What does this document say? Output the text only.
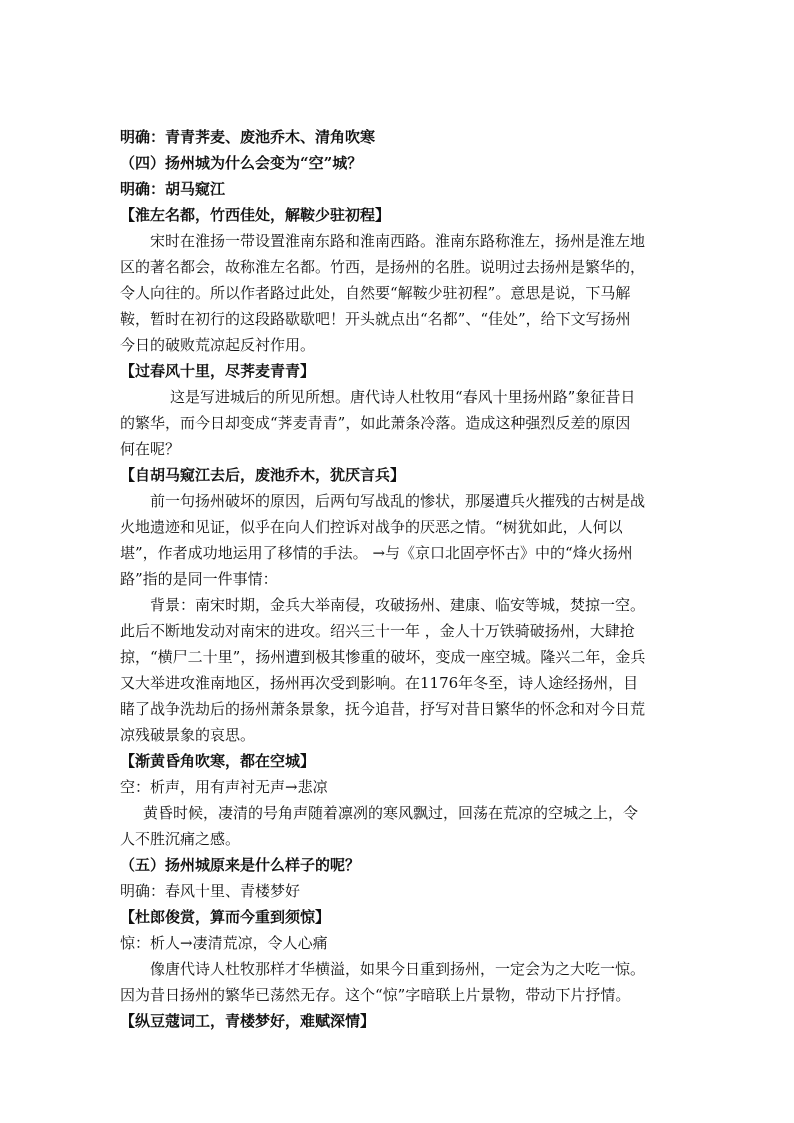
明确：青青荠麦、废池乔木、清角吹寒
（四）扬州城为什么会变为“空”城？
明确：胡马窥江
【淮左名都，竹西佳处，解鞍少驻初程】
宋时在淮扬一带设置淮南东路和淮南西路。淮南东路称淮左，扬州是淮左地
区的著名都会，故称淮左名都。竹西，是扬州的名胜。说明过去扬州是繁华的，
令人向往的。所以作者路过此处，自然要“解鞍少驻初程”。意思是说，下马解
鞍，暂时在初行的这段路歇歇吧！开头就点出“名都”、“佳处”，给下文写扬州
今日的破败荒凉起反衬作用。
【过春风十里，尽荠麦青青】
这是写进城后的所见所想。唐代诗人杜牧用“春风十里扬州路”象征昔日
的繁华，而今日却变成“荠麦青青”，如此萧条冷落。造成这种强烈反差的原因
何在呢？
【自胡马窥江去后，废池乔木，犹厌言兵】
前一句扬州破坏的原因，后两句写战乱的惨状，那屡遭兵火摧残的古树是战
火地遗迹和见证，似乎在向人们控诉对战争的厌恶之情。“树犹如此，人何以
堪”，作者成功地运用了移情的手法。 →与《京口北固亭怀古》中的“烽火扬州
路”指的是同一件事情：
背景：南宋时期，金兵大举南侵，攻破扬州、建康、临安等城，焚掠一空。
此后不断地发动对南宋的进攻。绍兴三十一年 ，金人十万铁骑破扬州，大肆抢
掠，“横尸二十里”，扬州遭到极其惨重的破坏，变成一座空城。隆兴二年，金兵
又大举进攻淮南地区，扬州再次受到影响。在1176年冬至，诗人途经扬州，目
睹了战争洗劫后的扬州萧条景象，抚今追昔，抒写对昔日繁华的怀念和对今日荒
凉残破景象的哀思。
【渐黄昏角吹寒，都在空城】
空：析声，用有声衬无声→悲凉
黄昏时候，凄清的号角声随着凛冽的寒风飘过，回荡在荒凉的空城之上，令
人不胜沉痛之感。
（五）扬州城原来是什么样子的呢？
明确：春风十里、青楼梦好
【杜郎俊赏，算而今重到须惊】
惊：析人→凄清荒凉，令人心痛
像唐代诗人杜牧那样才华横溢，如果今日重到扬州，一定会为之大吃一惊。
因为昔日扬州的繁华已荡然无存。这个“惊”字暗联上片景物，带动下片抒情。
【纵豆蔻词工，青楼梦好，难赋深情】
